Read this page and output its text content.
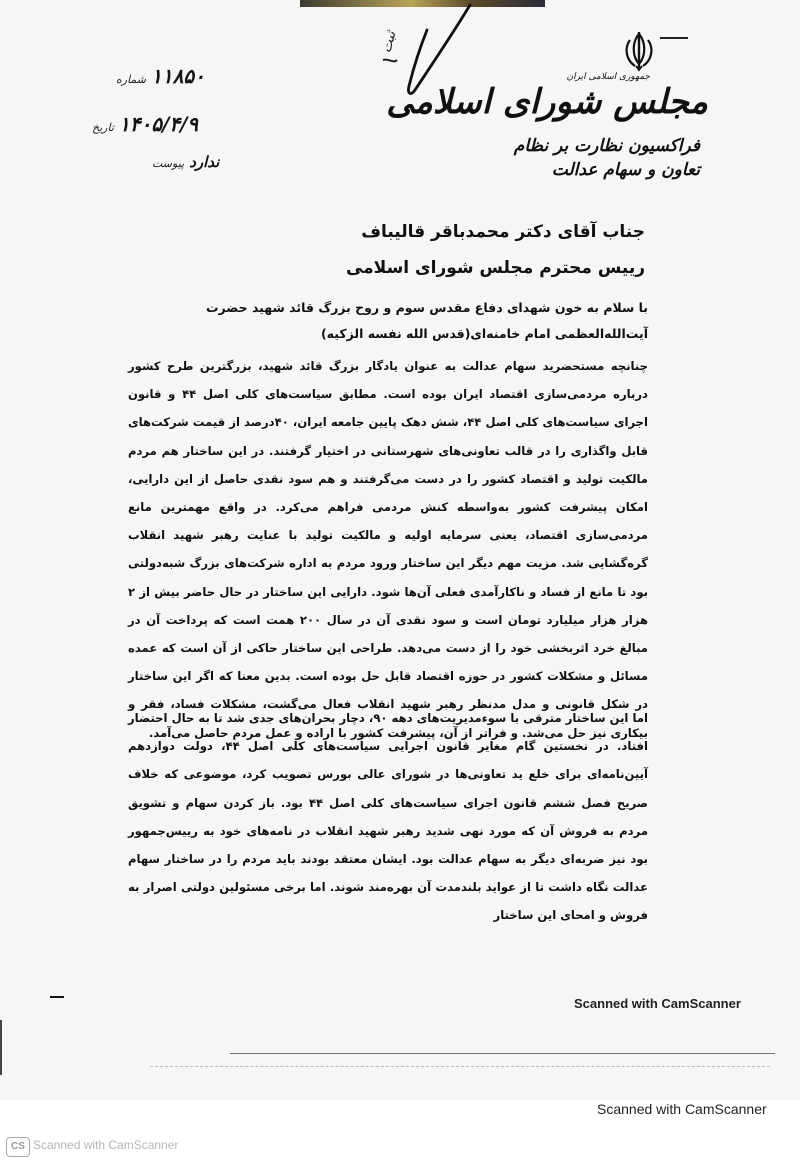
جمهوری اسلامی ایران
مجلس شورای اسلامی
فراکسیون نظارت بر نظام
تعاون و سهام عدالت
ثبت
۱۱۸۵۰ شماره
۱۴۰۵/۴/۹ تاریخ
ندارد پیوست
جناب آقای دکتر محمدباقر قالیباف
رییس محترم مجلس شورای اسلامی
با سلام به خون شهدای دفاع مقدس سوم و روح بزرگ قائد شهید حضرت آیت‌الله‌العظمی امام خامنه‌ای(قدس الله نفسه الزکیه)
چنانچه مستحضرید سهام عدالت به عنوان یادگار بزرگ قائد شهید، بزرگترین طرح کشور درباره مردمی‌سازی اقتصاد ایران بوده است. مطابق سیاست‌های کلی اصل ۴۴ و قانون اجرای سیاست‌های کلی اصل ۴۴، شش دهک پایین جامعه ایران، ۴۰درصد از قیمت شرکت‌های قابل واگذاری را در قالب تعاونی‌های شهرستانی در اختیار گرفتند. در این ساختار هم مردم مالکیت تولید و اقتصاد کشور را در دست می‌گرفتند و هم سود نقدی حاصل از این دارایی، امکان پیشرفت کشور به‌واسطه کنش مردمی فراهم می‌کرد. در واقع مهمترین مانع مردمی‌سازی اقتصاد، یعنی سرمایه اولیه و مالکیت تولید با عنایت رهبر شهید انقلاب گره‌گشایی شد. مزیت مهم دیگر این ساختار ورود مردم به اداره شرکت‌های بزرگ شبه‌دولتی بود تا مانع از فساد و ناکارآمدی فعلی آن‌ها شود. دارایی این ساختار در حال حاضر بیش از ۲ هزار هزار میلیارد تومان است و سود نقدی آن در سال ۲۰۰ همت است که پرداخت آن در مبالغ خرد اثربخشی خود را از دست می‌دهد. طراحی این ساختار حاکی از آن است که عمده مسائل و مشکلات کشور در حوزه اقتصاد قابل حل بوده است. بدین معنا که اگر این ساختار در شکل قانونی و مدل مدنظر رهبر شهید انقلاب فعال می‌گشت، مشکلات فساد، فقر و بیکاری نیز حل می‌شد. و فراتر از آن، پیشرفت کشور با اراده و عمل مردم حاصل می‌آمد.
اما این ساختار مترقی با سوءمدیریت‌های دهه ۹۰، دچار بحران‌های جدی شد تا به حال احتضار افتاد. در نخستین گام مغایر قانون اجرایی سیاست‌های کلی اصل ۴۴، دولت دوازدهم آیین‌نامه‌ای برای خلع ید تعاونی‌ها در شورای عالی بورس تصویب کرد، موضوعی که خلاف صریح فصل ششم قانون اجرای سیاست‌های کلی اصل ۴۴ بود. باز کردن سهام و تشویق مردم به فروش آن که مورد نهی شدید رهبر شهید انقلاب در نامه‌های خود به رییس‌جمهور بود نیز ضربه‌ای دیگر به سهام عدالت بود. ایشان معتقد بودند باید مردم را در ساختار سهام عدالت نگاه داشت تا از عواید بلندمدت آن بهره‌مند شوند. اما برخی مسئولین دولتی اصرار به فروش و امحای این ساختار
Scanned with CamScanner
Scanned with CamScanner
CS Scanned with CamScanner
